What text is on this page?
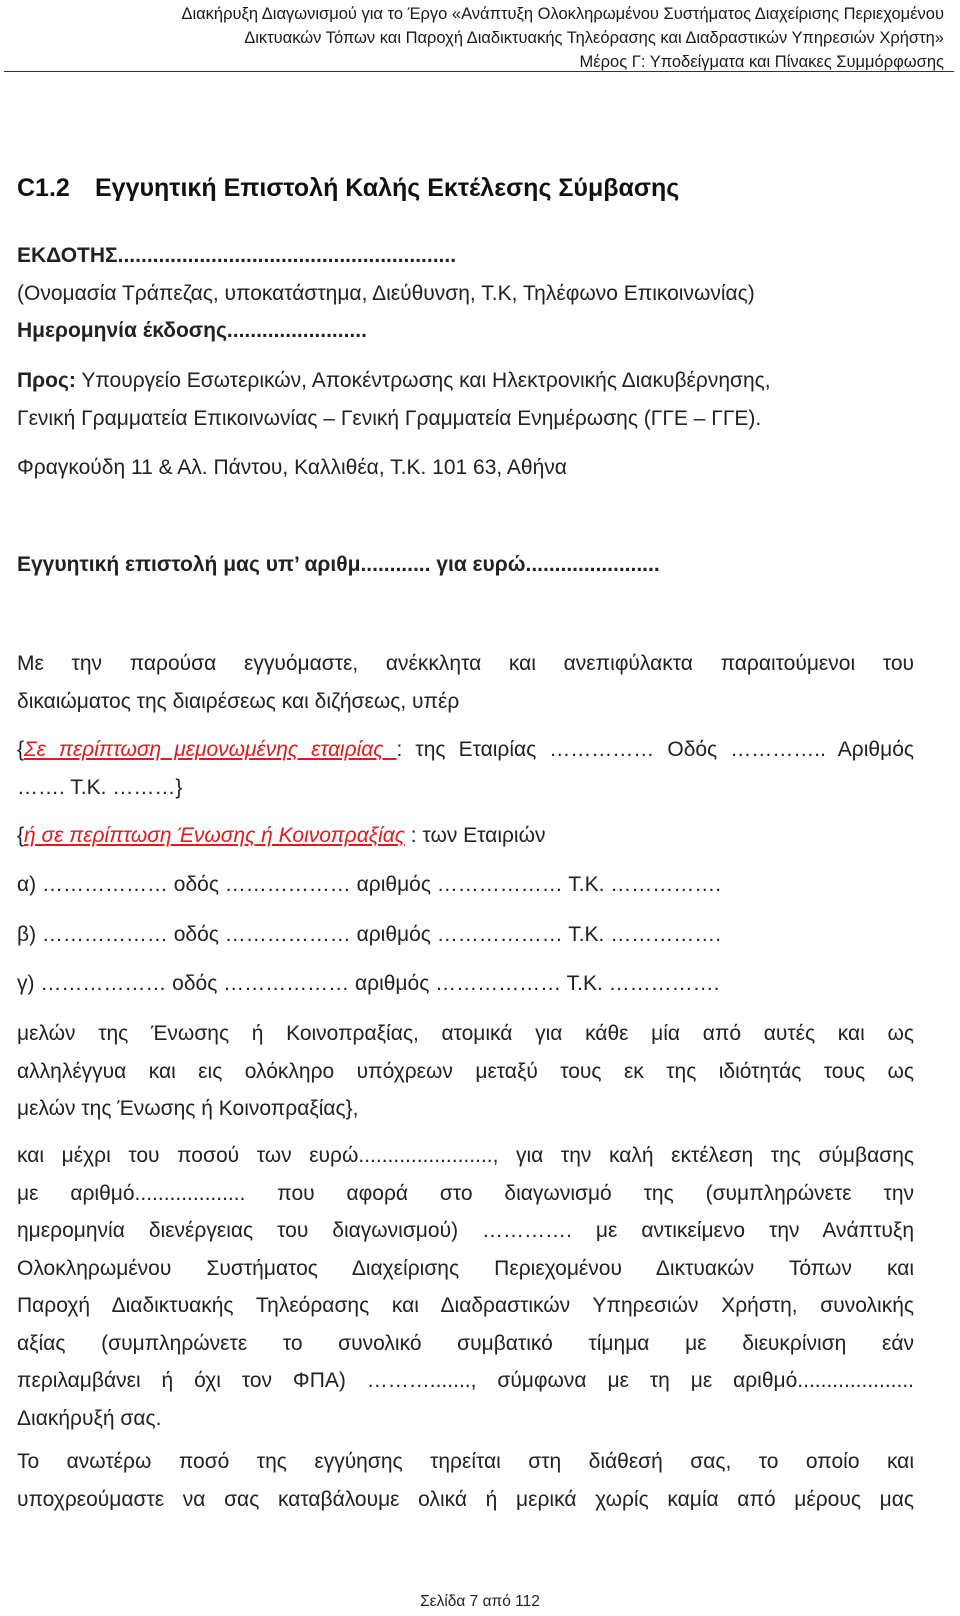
Διακήρυξη Διαγωνισμού για το Έργο «Ανάπτυξη Ολοκληρωμένου Συστήματος Διαχείρισης Περιεχομένου
Δικτυακών Τόπων και Παροχή Διαδικτυακής Τηλεόρασης και Διαδραστικών Υπηρεσιών Χρήστη»
Μέρος Γ: Υποδείγματα και Πίνακες Συμμόρφωσης
C1.2 Εγγυητική Επιστολή Καλής Εκτέλεσης Σύμβασης
ΕΚΔΟΤΗΣ..........................................................
(Ονομασία Τράπεζας, υποκατάστημα, Διεύθυνση, Τ.Κ, Τηλέφωνο Επικοινωνίας)
Ημερομηνία έκδοσης........................
Προς: Υπουργείο Εσωτερικών, Αποκέντρωσης και Ηλεκτρονικής Διακυβέρνησης,
Γενική Γραμματεία Επικοινωνίας – Γενική Γραμματεία Ενημέρωσης (ΓΓΕ – ΓΓΕ).
Φραγκούδη 11 & Αλ. Πάντου, Καλλιθέα, Τ.Κ. 101 63, Αθήνα
Εγγυητική επιστολή μας υπ’ αριθμ............ για ευρώ.......................
Με την παρούσα εγγυόμαστε, ανέκκλητα και ανεπιφύλακτα παραιτούμενοι του
δικαιώματος της διαιρέσεως και διζήσεως, υπέρ
{Σε περίπτωση μεμονωμένης εταιρίας : της Εταιρίας …………… Οδός ………….. Αριθμός
……. Τ.Κ. ………}
{ή σε περίπτωση Ένωσης ή Κοινοπραξίας : των Εταιριών
α) ……………… οδός ……………… αριθμός ……………… Τ.Κ. …………….
β) ……………… οδός ……………… αριθμός ……………… Τ.Κ. …………….
γ) ……………… οδός ……………… αριθμός ……………… Τ.Κ. …………….
μελών της Ένωσης ή Κοινοπραξίας, ατομικά για κάθε μία από αυτές και ως
αλληλέγγυα και εις ολόκληρο υπόχρεων μεταξύ τους εκ της ιδιότητάς τους ως
μελών της Ένωσης ή Κοινοπραξίας},
και μέχρι του ποσού των ευρώ......................., για την καλή εκτέλεση της σύμβασης
με αριθμό................... που αφορά στο διαγωνισμό της (συμπληρώνετε την
ημερομηνία διενέργειας του διαγωνισμού) …………. με αντικείμενο την Ανάπτυξη
Ολοκληρωμένου Συστήματος Διαχείρισης Περιεχομένου Δικτυακών Τόπων και
Παροχή Διαδικτυακής Τηλεόρασης και Διαδραστικών Υπηρεσιών Χρήστη, συνολικής
αξίας (συμπληρώνετε το συνολικό συμβατικό τίμημα με διευκρίνιση εάν
περιλαμβάνει ή όχι τον ΦΠΑ) ………......., σύμφωνα με τη με αριθμό....................
Διακήρυξή σας.
Το ανωτέρω ποσό της εγγύησης τηρείται στη διάθεσή σας, το οποίο και
υποχρεούμαστε να σας καταβάλουμε ολικά ή μερικά χωρίς καμία από μέρους μας
Σελίδα 7 από 112
